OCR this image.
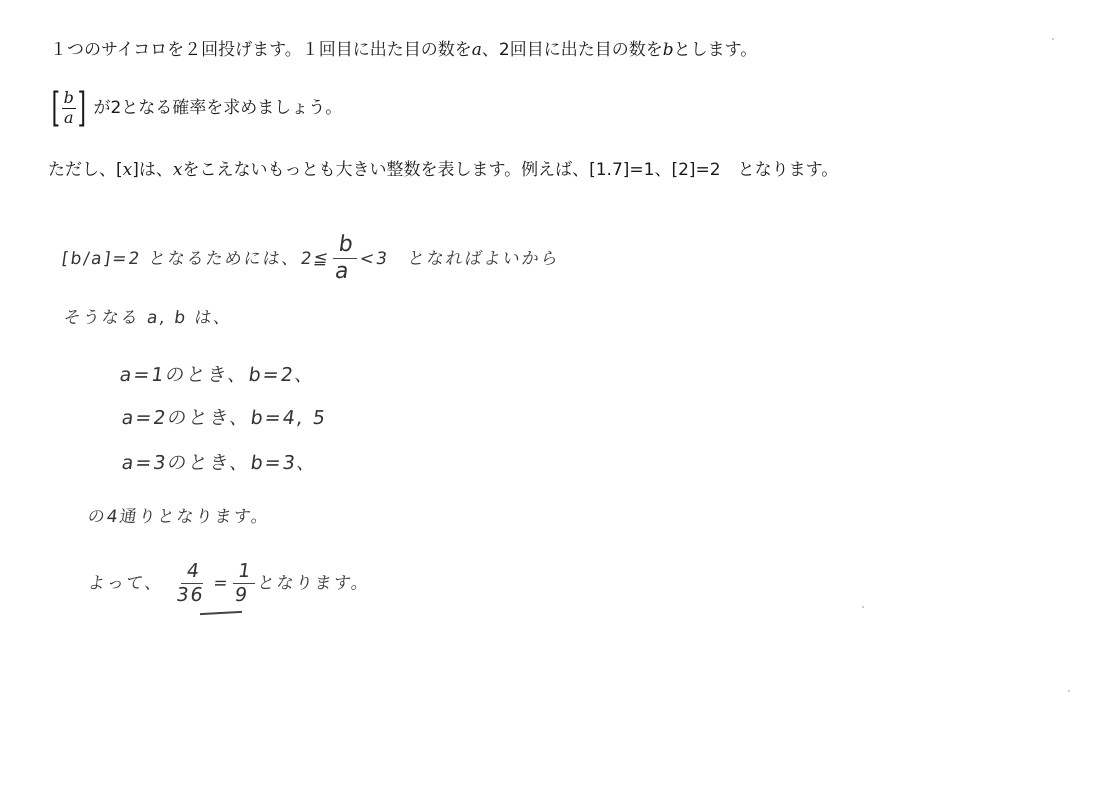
１つのサイコロを２回投げます。１回目に出た目の数をa、2回目に出た目の数をbとします。
[ $\frac{b}{a}$ ] が2となる確率を求めましょう。
ただし、[x]は、xをこえないもっとも大きい整数を表します。例えば、[1.7]=1、[2]=2　となります。
[b/a]=2 となるためには、2≦
$\frac{b}{a}$
<3　となればよいから
そうなる a, b は、
a=1のとき、b=2、
a=2のとき、b=4, 5
a=3のとき、b=3、
の4通りとなります。
よって、 $\frac{4}{36}$
=
$\frac{1}{9}$
となります。
